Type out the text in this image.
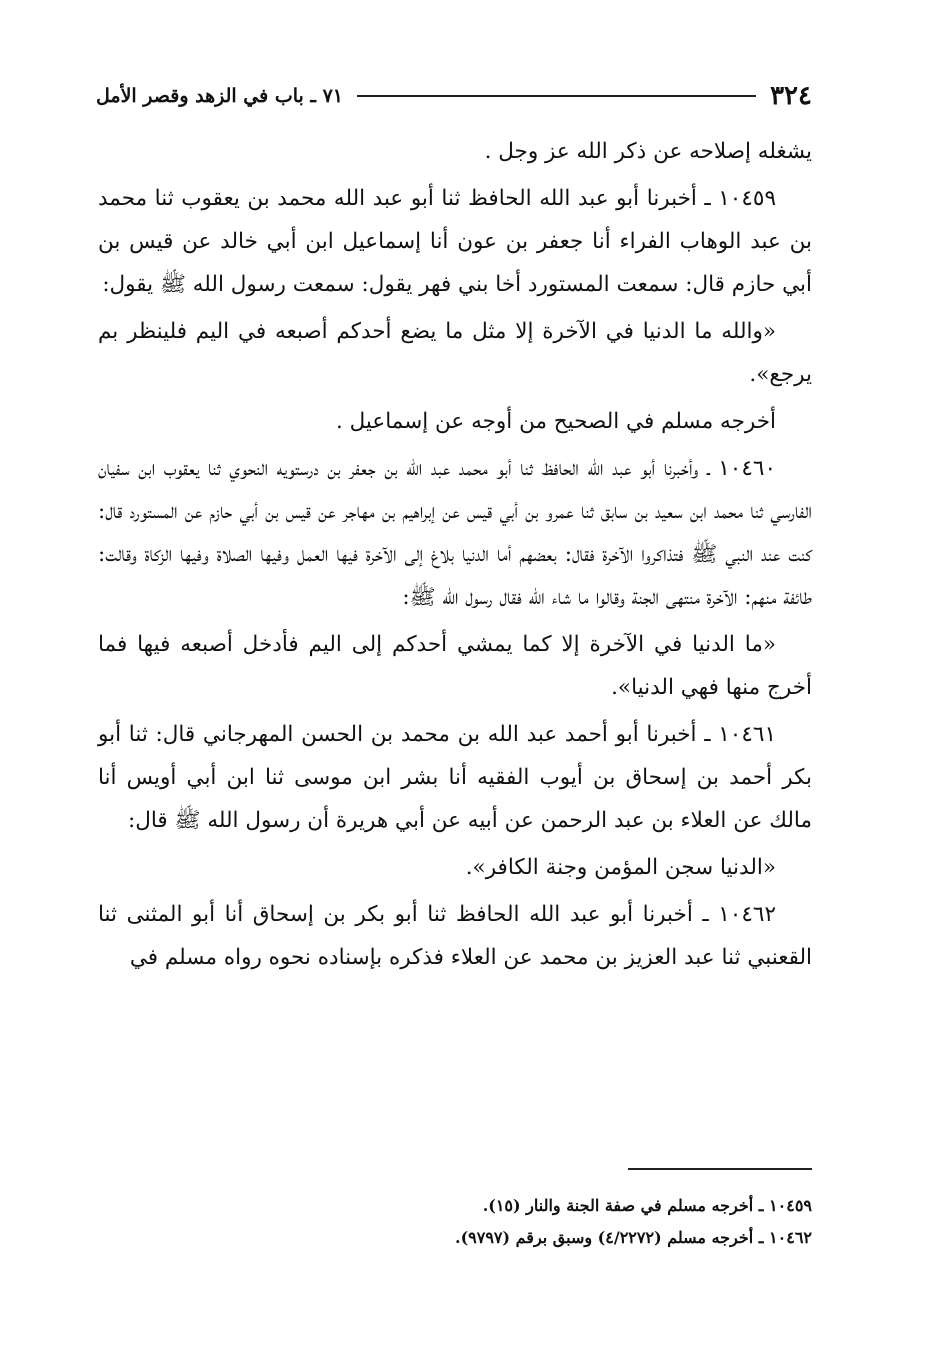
٣٢٤
٧١ ـ باب في الزهد وقصر الأمل

يشغله إصلاحه عن ذكر الله عز وجل .

١٠٤٥٩ ـ أخبرنا أبو عبد الله الحافظ ثنا أبو عبد الله محمد بن يعقوب ثنا محمد بن عبد الوهاب الفراء أنا جعفر بن عون أنا إسماعيل ابن أبي خالد عن قيس بن أبي حازم قال: سمعت المستورد أخا بني فهر يقول: سمعت رسول الله ﷺ يقول:

«والله ما الدنيا في الآخرة إلا مثل ما يضع أحدكم أصبعه في اليم فلينظر بم يرجع».

أخرجه مسلم في الصحيح من أوجه عن إسماعيل .

١٠٤٦٠ ـ وأخبرنا أبو عبد الله الحافظ ثنا أبو محمد عبد الله بن جعفر بن درستويه النحوي ثنا يعقوب ابن سفيان الفارسي ثنا محمد ابن سعيد بن سابق ثنا عمرو بن أبي قيس عن إبراهيم بن مهاجر عن قيس بن أبي حازم عن المستورد قال: كنت عند النبي ﷺ فتذاكروا الآخرة فقال: بعضهم أما الدنيا بلاغ إلى الآخرة فيها العمل وفيها الصلاة وفيها الزكاة وقالت: طائفة منهم: الآخرة منتهى الجنة وقالوا ما شاء الله فقال رسول الله ﷺ:

«ما الدنيا في الآخرة إلا كما يمشي أحدكم إلى اليم فأدخل أصبعه فيها فما أخرج منها فهي الدنيا».

١٠٤٦١ ـ أخبرنا أبو أحمد عبد الله بن محمد بن الحسن المهرجاني قال: ثنا أبو بكر أحمد بن إسحاق بن أيوب الفقيه أنا بشر ابن موسى ثنا ابن أبي أويس أنا مالك عن العلاء بن عبد الرحمن عن أبيه عن أبي هريرة أن رسول الله ﷺ قال:

«الدنيا سجن المؤمن وجنة الكافر».

١٠٤٦٢ ـ أخبرنا أبو عبد الله الحافظ ثنا أبو بكر بن إسحاق أنا أبو المثنى ثنا القعنبي ثنا عبد العزيز بن محمد عن العلاء فذكره بإسناده نحوه رواه مسلم في

١٠٤٥٩ ـ أخرجه مسلم في صفة الجنة والنار (١٥).

١٠٤٦٢ ـ أخرجه مسلم (٤/٢٢٧٢) وسبق برقم (٩٧٩٧).
